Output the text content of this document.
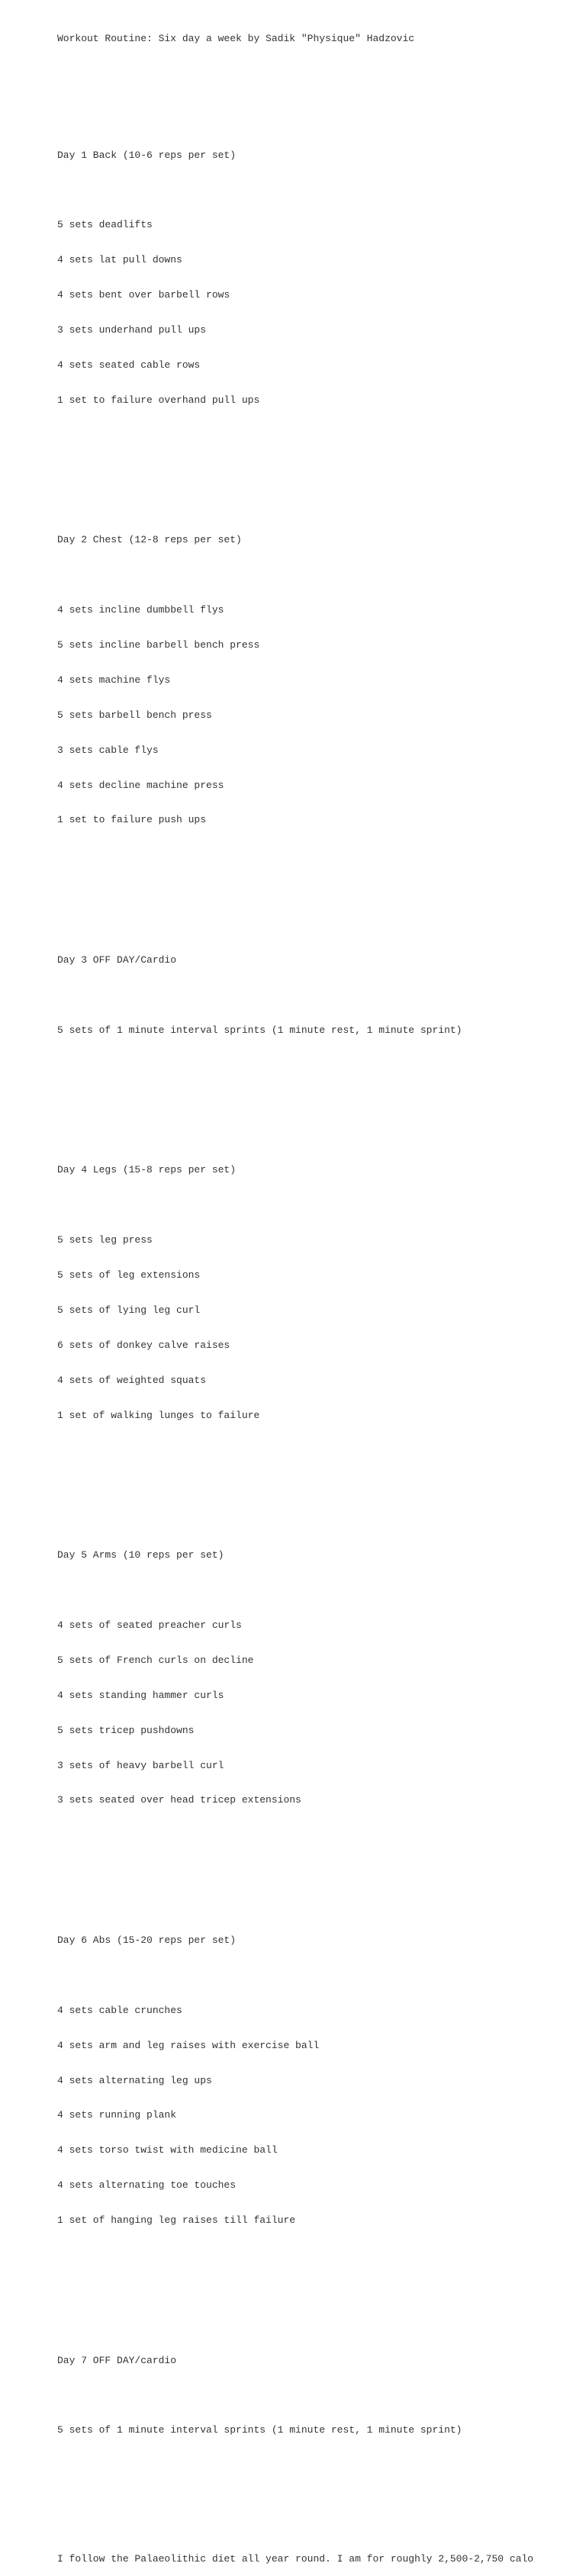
Workout Routine: Six day a week by Sadik "Physique" Hadzovic

Day 1 Back (10-6 reps per set)

5 sets deadlifts

4 sets lat pull downs

4 sets bent over barbell rows

3 sets underhand pull ups

4 sets seated cable rows

1 set to failure overhand pull ups

Day 2 Chest (12-8 reps per set)

4 sets incline dumbbell flys

5 sets incline barbell bench press

4 sets machine flys

5 sets barbell bench press

3 sets cable flys

4 sets decline machine press

1 set to failure push ups

Day 3 OFF DAY/Cardio

5 sets of 1 minute interval sprints (1 minute rest, 1 minute sprint)

Day 4 Legs (15-8 reps per set)

5 sets leg press

5 sets of leg extensions

5 sets of lying leg curl

6 sets of donkey calve raises

4 sets of weighted squats

1 set of walking lunges to failure

Day 5 Arms (10 reps per set)

4 sets of seated preacher curls

5 sets of French curls on decline

4 sets standing hammer curls

5 sets tricep pushdowns

3 sets of heavy barbell curl

3 sets seated over head tricep extensions

Day 6 Abs (15-20 reps per set)

4 sets cable crunches

4 sets arm and leg raises with exercise ball

4 sets alternating leg ups

4 sets running plank

4 sets torso twist with medicine ball

4 sets alternating toe touches

1 set of hanging leg raises till failure

Day 7 OFF DAY/cardio

5 sets of 1 minute interval sprints (1 minute rest, 1 minute sprint)

I follow the Palaeolithic diet all year round. I am for roughly 2,500-2,750 calo
